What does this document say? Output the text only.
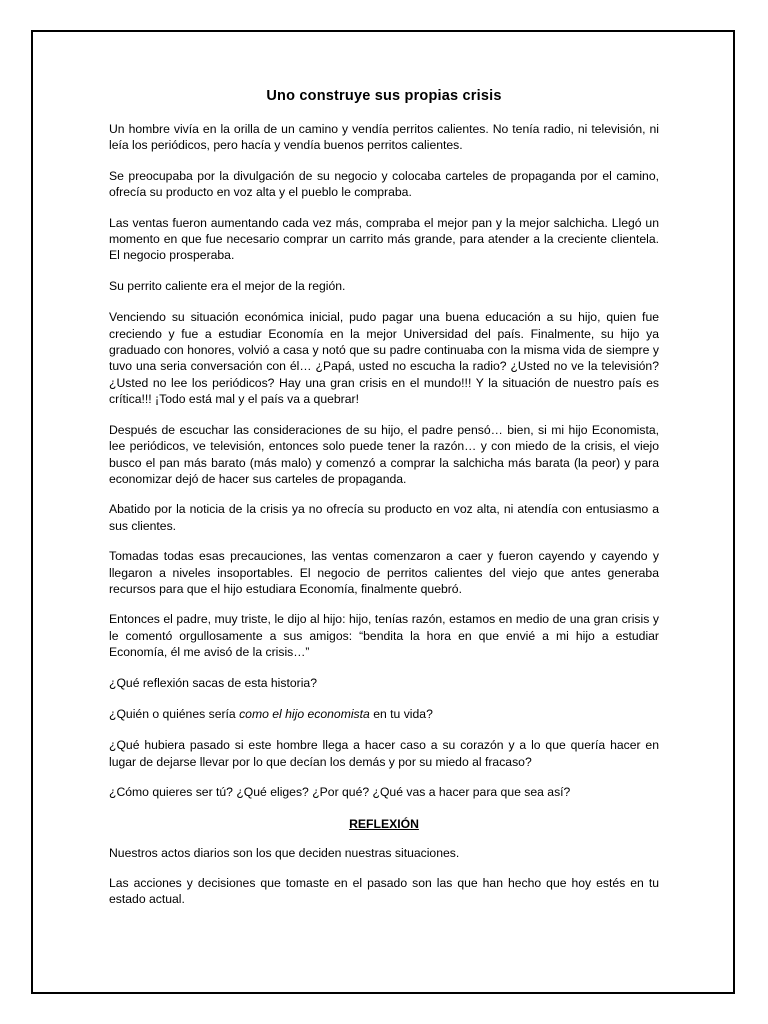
Uno construye sus propias crisis

Un hombre vivía en la orilla de un camino y vendía perritos calientes. No tenía radio, ni televisión, ni leía los periódicos, pero hacía y vendía buenos perritos calientes.

Se preocupaba por la divulgación de su negocio y colocaba carteles de propaganda por el camino, ofrecía su producto en voz alta y el pueblo le compraba.

Las ventas fueron aumentando cada vez más, compraba el mejor pan y la mejor salchicha. Llegó un momento en que fue necesario comprar un carrito más grande, para atender a la creciente clientela. El negocio prosperaba.

Su perrito caliente era el mejor de la región.

Venciendo su situación económica inicial, pudo pagar una buena educación a su hijo, quien fue creciendo y fue a estudiar Economía en la mejor Universidad del país. Finalmente, su hijo ya graduado con honores, volvió a casa y notó que su padre continuaba con la misma vida de siempre y tuvo una seria conversación con él… ¿Papá, usted no escucha la radio? ¿Usted no ve la televisión? ¿Usted no lee los periódicos? Hay una gran crisis en el mundo!!! Y la situación de nuestro país es crítica!!! ¡Todo está mal y el país va a quebrar!

Después de escuchar las consideraciones de su hijo, el padre pensó… bien, si mi hijo Economista, lee periódicos, ve televisión, entonces solo puede tener la razón… y con miedo de la crisis, el viejo busco el pan más barato (más malo) y comenzó a comprar la salchicha más barata (la peor) y para economizar dejó de hacer sus carteles de propaganda.

Abatido por la noticia de la crisis ya no ofrecía su producto en voz alta, ni atendía con entusiasmo a sus clientes.

Tomadas todas esas precauciones, las ventas comenzaron a caer y fueron cayendo y cayendo y llegaron a niveles insoportables. El negocio de perritos calientes del viejo que antes generaba recursos para que el hijo estudiara Economía, finalmente quebró.

Entonces el padre, muy triste, le dijo al hijo: hijo, tenías razón, estamos en medio de una gran crisis y le comentó orgullosamente a sus amigos: “bendita la hora en que envié a mi hijo a estudiar Economía, él me avisó de la crisis…”

¿Qué reflexión sacas de esta historia?

¿Quién o quiénes sería como el hijo economista en tu vida?

¿Qué hubiera pasado si este hombre llega a hacer caso a su corazón y a lo que quería hacer en lugar de dejarse llevar por lo que decían los demás y por su miedo al fracaso?

¿Cómo quieres ser tú? ¿Qué eliges? ¿Por qué? ¿Qué vas a hacer para que sea así?

REFLEXIÓN

Nuestros actos diarios son los que deciden nuestras situaciones.

Las acciones y decisiones que tomaste en el pasado son las que han hecho que hoy estés en tu estado actual.
